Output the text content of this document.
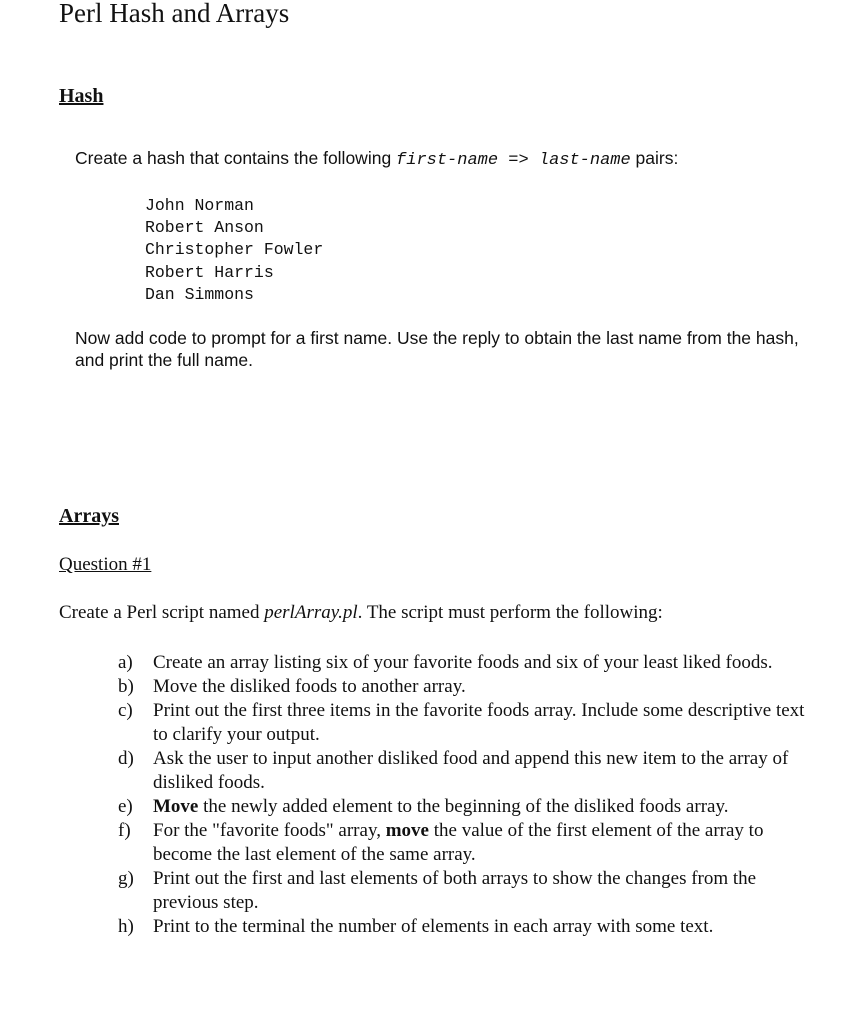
Perl Hash and Arrays
Hash

Create a hash that contains the following first-name => last-name pairs:

John Norman
Robert Anson
Christopher Fowler
Robert Harris
Dan Simmons

Now add code to prompt for a first name. Use the reply to obtain the last name from the hash, and print the full name.

Arrays
Question #1

Create a Perl script named perlArray.pl. The script must perform the following:

a)	Create an array listing six of your favorite foods and six of your least liked foods.
b)	Move the disliked foods to another array.
c)	Print out the first three items in the favorite foods array. Include some descriptive text to clarify your output.
d)	Ask the user to input another disliked food and append this new item to the array of disliked foods.
e)	Move the newly added element to the beginning of the disliked foods array.
f)	For the "favorite foods" array, move the value of the first element of the array to become the last element of the same array.
g)	Print out the first and last elements of both arrays to show the changes from the previous step.
h)	Print to the terminal the number of elements in each array with some text.
